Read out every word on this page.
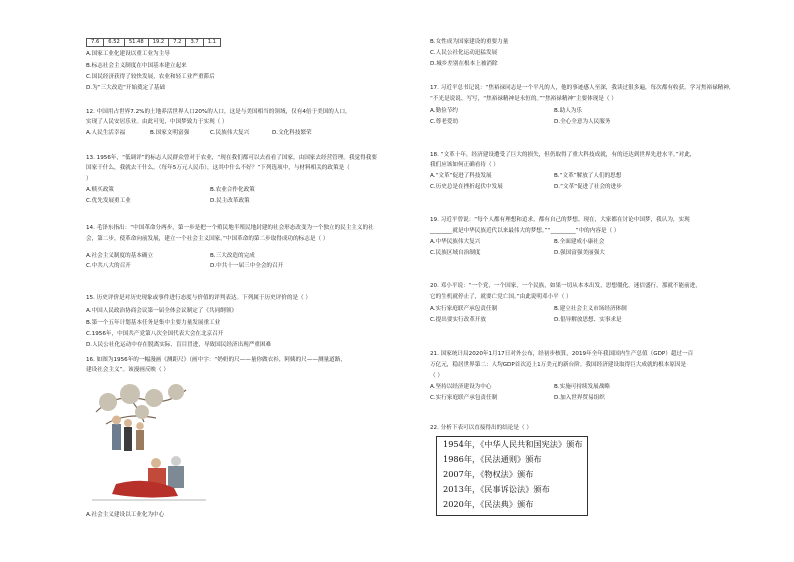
7.6	6.52	51.48	19.2	7.2	3.7	1.1
A.国家工业化建设以重工业为主导
B.标志社会主义制度在中国基本建立起来
C.国民经济获得了较快发展，农业和轻工业严重滞后
D.为“三大改造”开始奠定了基础
12. 中国用占世界7.2%的土地养活世界人口20%的人口，这是与美国相当的领域，仅有4倍于美国的人口，
实现了人民安居乐业。由此可见，中国梦致力于实现（ ）
A.人民生活幸福	B.国家文明富强	C.民族伟大复兴	D.文化科技繁荣
13. 1956年，“低调评”的标志人民群众曾对于农业，“现在我们都可以去看看了国家，由国家去经营管理。我觉得我要
国家干什么，我就去干什么。（每年5万元人民币），这其中什么不好？”下列选项中，与材料相关的政策是（
）
A.赎买政策	B.农业合作化政策
C.优先发展重工业	D.民主改革政策
14. 毛泽东指出：“中国革命分两步，第一步是把一个殖民地半殖民地封建的社会形态改变为一个独立的民主主义的社
会，第二步，使革命向前发展，建立一个社会主义国家。”中国革命的第二步取得成功的标志是（ ）
A.社会主义制度的基本确立	B.三大改造的完成
C.中共八大的召开	D.中共十一届三中全会的召开
15. 历史评价是对历史现象或事件进行态度与价值的评判表达。下列属于历史评价的是（ ）
A.中国人民政治协商会议第一届全体会议制定了《共同纲领》
B.第一个五年计划基本任务是集中主要力量发展重工业
C.1956年，中国共产党第八次全国代表大会在北京召开
D.人民公社化运动中存在脱离实际、盲目冒进，导致国民经济出现严重困难
16. 如图为1956年的一幅漫画《测距尺》（画中字：“奶奶的尺——量你做衣衫，阿姨的尺——测量道路，
建设社会主义”。该漫画反映（ ）
A.社会主义建设以工业化为中心
B.女性成为国家建设的重要力量
C.人民公社化运动迅猛发展
D.城乡差别在根本上被消除
17. 习近平总书记说：“焦裕禄同志是一个平凡的人，他的事迹感人至深，我读过很多遍，每次都有收获。学习焦裕禄精神，
“不光是说说、写写，“焦裕禄精神是永恒的。”“焦裕禄精神”主要体现是（ ）
A.勤俭节约	B.助人为乐
C.尊老爱幼	D.全心全意为人民服务
18. “文革十年，经济建设遭受了巨大的损失，但仍取得了重大科技成就，有的还达到世界先进水平。”对此，
我们应该如何正确看待（ ）
A.“文革”促进了科技发展	B.“文革”解放了人们的思想
C.历史总是在挫折起伏中发展	D.“文革”促进了社会的进步
19. 习近平曾说：“每个人都有理想和追求，都有自己的梦想。现在，大家都在讨论中国梦，我认为，实现
________就是中华民族近代以来最伟大的梦想。”“_________”中的内容是（ ）
A.中华民族伟大复兴	B.全面建成小康社会
C.民族区域自治制度	D.强国富强美丽强大
20. 邓小平说：“一个党，一个国家，一个民族，如果一切从本本出发，思想僵化，迷信盛行，那就不能前进，
它的生机就停止了，就要亡党亡国。”由此说明邓小平（ ）
A.实行家庭联产承包责任制	B.建立社会主义市场经济体制
C.提出要实行改革开放	D.倡导解放思想、实事求是
21. 国家统计局2020年1月17日对外公布，经初步核算，2019年全年我国国内生产总值（GDP）超过一百
万亿元，稳居世界第二：人均GDP首次迈上1万美元的新台阶。我国经济建设取得巨大成就的根本原因是
（ ）
A.坚持以经济建设为中心	B.实施可持续发展战略
C.实行家庭联产承包责任制	D.加入世界贸易组织
22. 分析下表可以直接得出的结论是（ ）
1954年，《中华人民共和国宪法》颁布
1986年，《民法通则》颁布
2007年，《物权法》颁布
2013年，《民事诉讼法》颁布
2020年，《民法典》颁布
